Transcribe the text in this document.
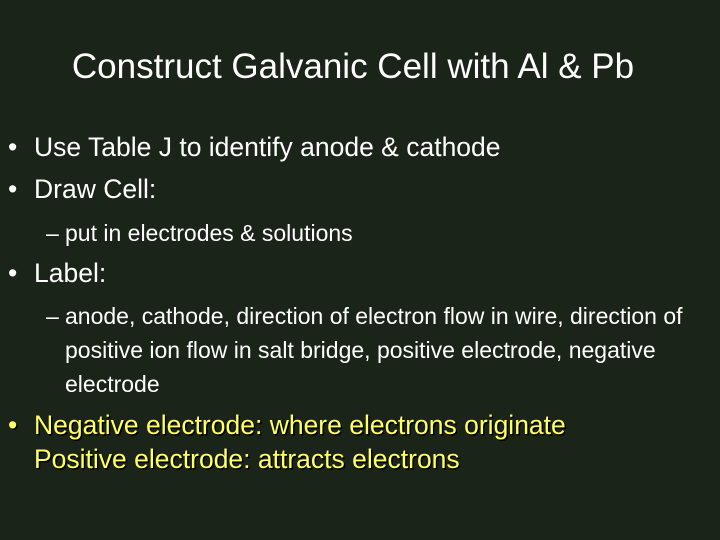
Construct Galvanic Cell with Al & Pb
• Use Table J to identify anode & cathode
• Draw Cell:
– put in electrodes & solutions
• Label:
– anode, cathode, direction of electron flow in wire, direction of positive ion flow in salt bridge, positive electrode, negative electrode
• Negative electrode: where electrons originate
Positive electrode: attracts electrons
